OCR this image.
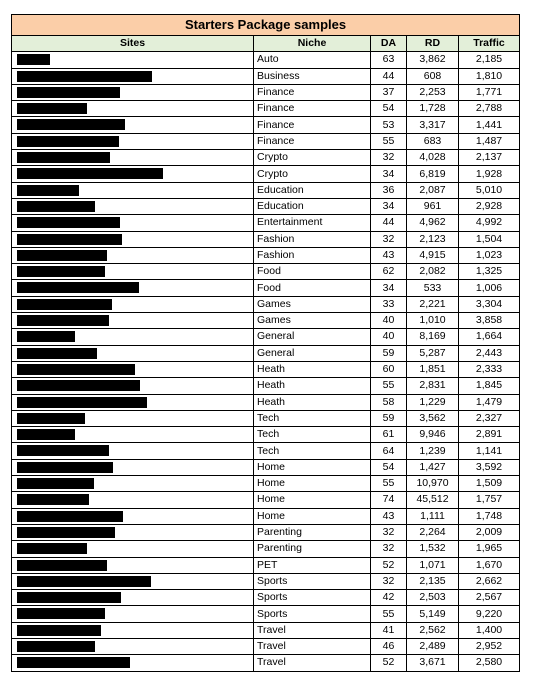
Starters Package samples				
Sites	Niche	DA	RD	Traffic

	Auto	63	3,862	2,185

	Business	44	608	1,810

	Finance	37	2,253	1,771

	Finance	54	1,728	2,788

	Finance	53	3,317	1,441

	Finance	55	683	1,487

	Crypto	32	4,028	2,137

	Crypto	34	6,819	1,928

	Education	36	2,087	5,010

	Education	34	961	2,928

	Entertainment	44	4,962	4,992

	Fashion	32	2,123	1,504

	Fashion	43	4,915	1,023

	Food	62	2,082	1,325

	Food	34	533	1,006

	Games	33	2,221	3,304

	Games	40	1,010	3,858

	General	40	8,169	1,664

	General	59	5,287	2,443

	Heath	60	1,851	2,333

	Heath	55	2,831	1,845

	Heath	58	1,229	1,479

	Tech	59	3,562	2,327

	Tech	61	9,946	2,891

	Tech	64	1,239	1,141

	Home	54	1,427	3,592

	Home	55	10,970	1,509

	Home	74	45,512	1,757

	Home	43	1,111	1,748

	Parenting	32	2,264	2,009

	Parenting	32	1,532	1,965

	PET	52	1,071	1,670

	Sports	32	2,135	2,662

	Sports	42	2,503	2,567

	Sports	55	5,149	9,220

	Travel	41	2,562	1,400

	Travel	46	2,489	2,952

	Travel	52	3,671	2,580
